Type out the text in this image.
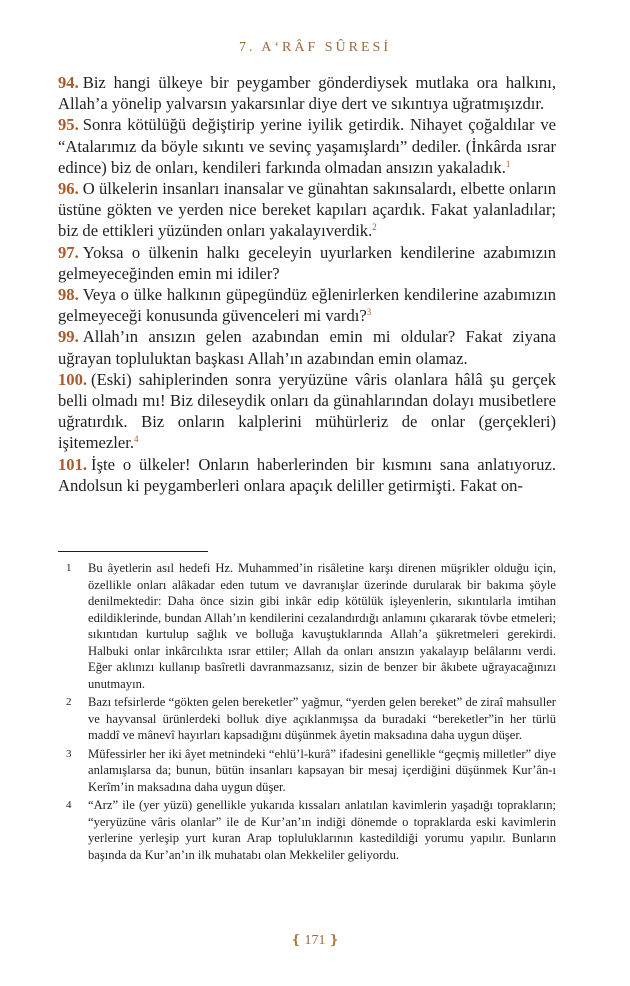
7. A‘RÂF SÛRESİ

94. Biz hangi ülkeye bir peygamber gönderdiysek mutlaka ora halkını, Allah’a yönelip yalvarsın yakarsınlar diye dert ve sıkıntıya uğratmışızdır.

95. Sonra kötülüğü değiştirip yerine iyilik getirdik. Nihayet çoğaldılar ve “Atalarımız da böyle sıkıntı ve sevinç yaşamışlardı” dediler. (İnkârda ısrar edince) biz de onları, kendileri farkında olmadan ansızın yakaladık.$^1$

96. O ülkelerin insanları inansalar ve günahtan sakınsalardı, elbette onların üstüne gökten ve yerden nice bereket kapıları açardık. Fakat yalanladılar; biz de ettikleri yüzünden onları yakalayıverdik.$^2$

97. Yoksa o ülkenin halkı geceleyin uyurlarken kendilerine azabımızın gelmeyeceğinden emin mi idiler?

98. Veya o ülke halkının güpegündüz eğlenirlerken kendilerine azabımızın gelmeyeceği konusunda güvenceleri mi vardı?$^3$

99. Allah’ın ansızın gelen azabından emin mi oldular? Fakat ziyana uğrayan topluluktan başkası Allah’ın azabından emin olamaz.

100. (Eski) sahiplerinden sonra yeryüzüne vâris olanlara hâlâ şu gerçek belli olmadı mı! Biz dileseydik onları da günahlarından dolayı musibetlere uğratırdık. Biz onların kalplerini mühürleriz de onlar (gerçekleri) işitemezler.$^4$

101. İşte o ülkeler! Onların haberlerinden bir kısmını sana anlatıyoruz. Andolsun ki peygamberleri onlara apaçık deliller getirmişti. Fakat on-

1 Bu âyetlerin asıl hedefi Hz. Muhammed’in risâletine karşı direnen müşrikler olduğu için, özellikle onları alâkadar eden tutum ve davranışlar üzerinde durularak bir bakıma şöyle denilmektedir: Daha önce sizin gibi inkâr edip kötülük işleyenlerin, sıkıntılarla imtihan edildiklerinde, bundan Allah’ın kendilerini cezalandırdığı anlamını çıkararak tövbe etmeleri; sıkıntıdan kurtulup sağlık ve bolluğa kavuştuklarında Allah’a şükretmeleri gerekirdi. Halbuki onlar inkârcılıkta ısrar ettiler; Allah da onları ansızın yakalayıp belâlarını verdi. Eğer aklınızı kullanıp basîretli davranmazsanız, sizin de benzer bir âkıbete uğrayacağınızı unutmayın.

2 Bazı tefsirlerde “gökten gelen bereketler” yağmur, “yerden gelen bereket” de ziraî mahsuller ve hayvansal ürünlerdeki bolluk diye açıklanmışsa da buradaki “bereketler”in her türlü maddî ve mânevî hayırları kapsadığını düşünmek âyetin maksadına daha uygun düşer.

3 Müfessirler her iki âyet metnindeki “ehlü’l-kurâ” ifadesini genellikle “geçmiş milletler” diye anlamışlarsa da; bunun, bütün insanları kapsayan bir mesaj içerdiğini düşünmek Kur’ân-ı Kerîm’in maksadına daha uygun düşer.

4 “Arz” ile (yer yüzü) genellikle yukarıda kıssaları anlatılan kavimlerin yaşadığı toprakların; “yeryüzüne vâris olanlar” ile de Kur’an’ın indiği dönemde o topraklarda eski kavimlerin yerlerine yerleşip yurt kuran Arap topluluklarının kastedildiği yorumu yapılır. Bunların başında da Kur’an’ın ilk muhatabı olan Mekkeliler geliyordu.

❴ 171 ❵
